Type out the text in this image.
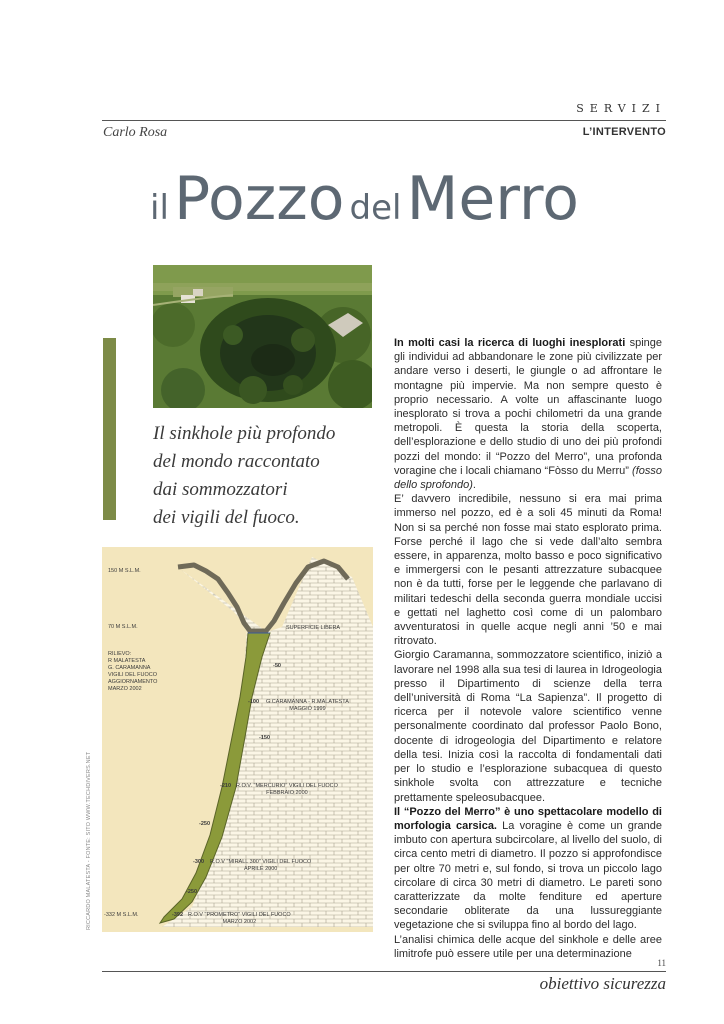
SERVIZI
Carlo Rosa	L’INTERVENTO
il Pozzo del Merro
Il sinkhole più profondo
del mondo raccontato
dai sommozzatori
dei vigili del fuoco.
150 M S.L.M.
70 M S.L.M.
RILIEVO:
R MALATESTA
G. CARAMANNA
VIGILI DEL FUOCO
AGGIORNAMENTO
MARZO 2002
SUPERFICIE LIBERA
-50
-100 G.CARAMANNA - R.MALATESTA
MAGGIO 1999
-150
-210 R.O.V. "MERCURIO" VIGILI DEL FUOCO
FEBBRAIO 2000
-250
-300 R.O.V "MIRALL 300" VIGILI DEL FUOCO
APRILE 2000
-250
-332 M S.L.M.	-392 R.O.V "PROMETRO" VIGILI DEL FUOCO
MARZO 2002
RICCARDO MALATESTA - FONTE: SITO WWW.TECHDIVERS.NET

In molti casi la ricerca di luoghi inesplorati spinge gli individui ad abbandonare le zone più civilizzate per andare verso i deserti, le giungle o ad affrontare le montagne più impervie. Ma non sempre questo è proprio necessario. A volte un affascinante luogo inesplorato si trova a pochi chilometri da una grande metropoli. È questa la storia della scoperta, dell’esplorazione e dello studio di uno dei più profondi pozzi del mondo: il “Pozzo del Merro”, una profonda voragine che i locali chiamano “Fòsso du Merru” (fosso dello sprofondo).

E’ davvero incredibile, nessuno si era mai prima immerso nel pozzo, ed è a soli 45 minuti da Roma! Non si sa perché non fosse mai stato esplorato prima. Forse perché il lago che si vede dall’alto sembra essere, in apparenza, molto basso e poco significativo e immergersi con le pesanti attrezzature subacquee non è da tutti, forse per le leggende che parlavano di militari tedeschi della seconda guerra mondiale uccisi e gettati nel laghetto così come di un palombaro avventuratosi in quelle acque negli anni ’50 e mai ritrovato.

Giorgio Caramanna, sommozzatore scientifico, iniziò a lavorare nel 1998 alla sua tesi di laurea in Idrogeologia presso il Dipartimento di scienze della terra dell’università di Roma “La Sapienza”. Il progetto di ricerca per il notevole valore scientifico venne personalmente coordinato dal professor Paolo Bono, docente di idrogeologia del Dipartimento e relatore della tesi. Inizia così la raccolta di fondamentali dati per lo studio e l’esplorazione subacquea di questo sinkhole svolta con attrezzature e tecniche prettamente speleosubacquee.

Il “Pozzo del Merro” è uno spettacolare modello di morfologia carsica. La voragine è come un grande imbuto con apertura subcircolare, al livello del suolo, di circa cento metri di diametro. Il pozzo si approfondisce per oltre 70 metri e, sul fondo, si trova un piccolo lago circolare di circa 30 metri di diametro. Le pareti sono caratterizzate da molte fenditure ed aperture secondarie obliterate da una lussureggiante vegetazione che si sviluppa fino al bordo del lago.

L’analisi chimica delle acque del sinkhole e delle aree limitrofe può essere utile per una determinazione

11
obiettivo sicurezza
